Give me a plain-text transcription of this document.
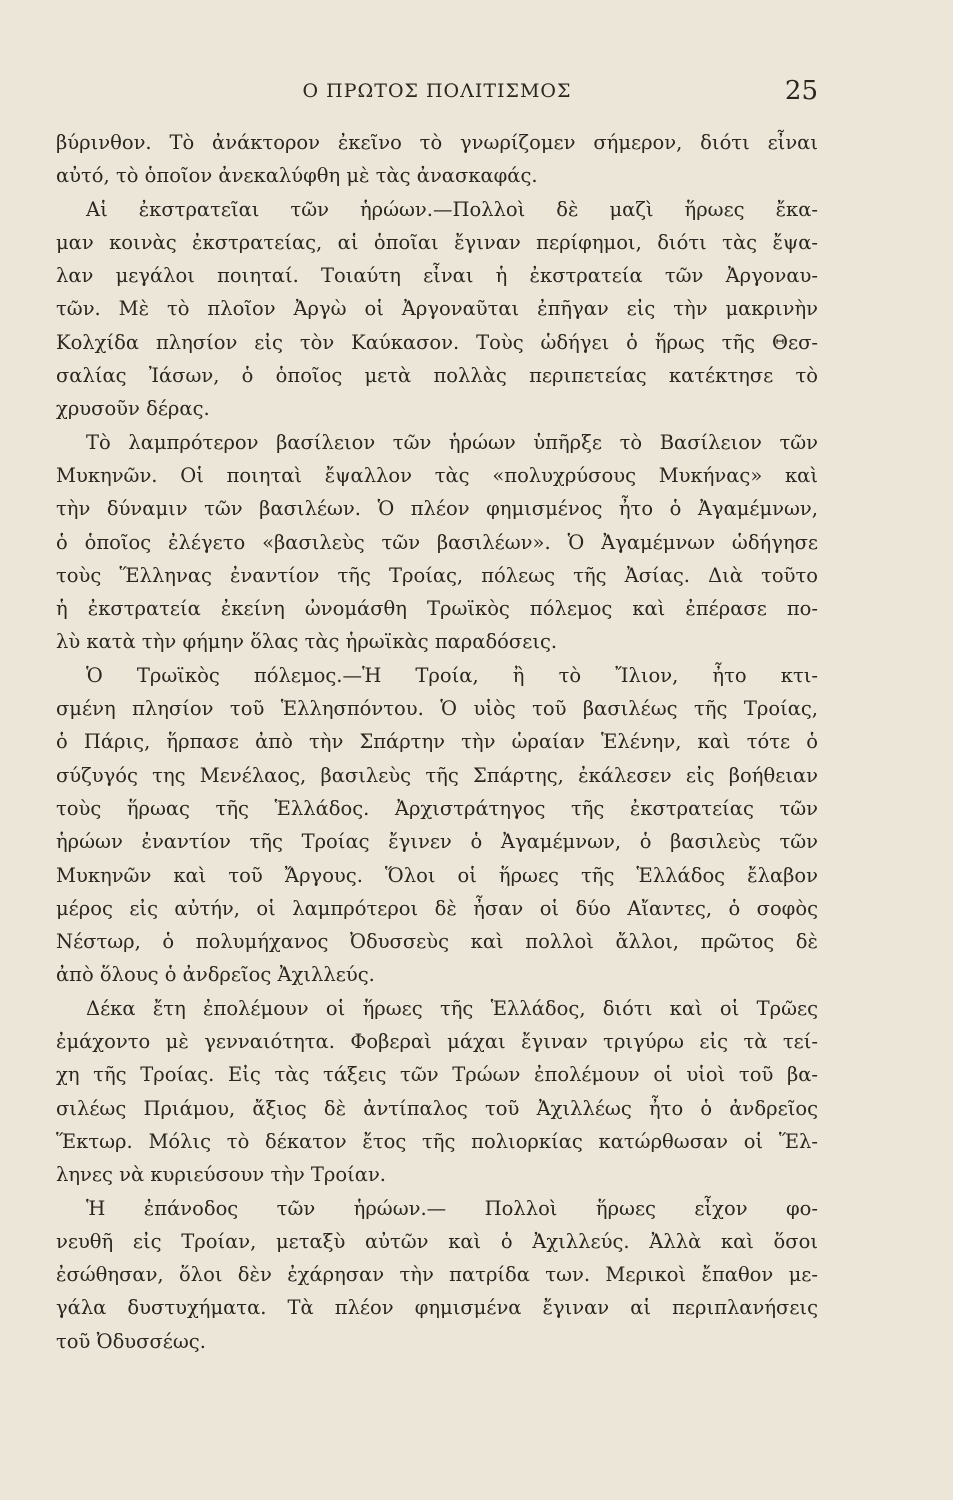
Ο ΠΡΩΤΟΣ ΠΟΛΙΤΙΣΜΟΣ	25
βύρινθον. Τὸ ἀνάκτορον ἐκεῖνο τὸ γνωρίζομεν σήμερον, διότι εἶναι
αὐτό, τὸ ὁποῖον ἀνεκαλύφθη μὲ τὰς ἀνασκαφάς.
Αἱ ἐκστρατεῖαι τῶν ἡρώων.—Πολλοὶ δὲ μαζὶ ἥρωες ἔκα-
μαν κοινὰς ἐκστρατείας, αἱ ὁποῖαι ἔγιναν περίφημοι, διότι τὰς ἔψα-
λαν μεγάλοι ποιηταί. Τοιαύτη εἶναι ἡ ἐκστρατεία τῶν Ἀργοναυ-
τῶν. Μὲ τὸ πλοῖον Ἀργὼ οἱ Ἀργοναῦται ἐπῆγαν εἰς τὴν μακρινὴν
Κολχίδα πλησίον εἰς τὸν Καύκασον. Τοὺς ὡδήγει ὁ ἥρως τῆς Θεσ-
σαλίας Ἰάσων, ὁ ὁποῖος μετὰ πολλὰς περιπετείας κατέκτησε τὸ
χρυσοῦν δέρας.
Τὸ λαμπρότερον βασίλειον τῶν ἡρώων ὑπῆρξε τὸ Βασίλειον τῶν
Μυκηνῶν. Οἱ ποιηταὶ ἔψαλλον τὰς «πολυχρύσους Μυκήνας» καὶ
τὴν δύναμιν τῶν βασιλέων. Ὁ πλέον φημισμένος ἦτο ὁ Ἀγαμέμνων,
ὁ ὁποῖος ἐλέγετο «βασιλεὺς τῶν βασιλέων». Ὁ Ἀγαμέμνων ὡδήγησε
τοὺς Ἕλληνας ἐναντίον τῆς Τροίας, πόλεως τῆς Ἀσίας. Διὰ τοῦτο
ἡ ἐκστρατεία ἐκείνη ὠνομάσθη Τρωϊκὸς πόλεμος καὶ ἐπέρασε πο-
λὺ κατὰ τὴν φήμην ὅλας τὰς ἡρωϊκὰς παραδόσεις.
Ὁ Τρωϊκὸς πόλεμος.—Ἡ Τροία, ἢ τὸ Ἴλιον, ἦτο κτι-
σμένη πλησίον τοῦ Ἑλλησπόντου. Ὁ υἱὸς τοῦ βασιλέως τῆς Τροίας,
ὁ Πάρις, ἥρπασε ἀπὸ τὴν Σπάρτην τὴν ὡραίαν Ἑλένην, καὶ τότε ὁ
σύζυγός της Μενέλαος, βασιλεὺς τῆς Σπάρτης, ἐκάλεσεν εἰς βοήθειαν
τοὺς ἥρωας τῆς Ἑλλάδος. Ἀρχιστράτηγος τῆς ἐκστρατείας τῶν
ἡρώων ἐναντίον τῆς Τροίας ἔγινεν ὁ Ἀγαμέμνων, ὁ βασιλεὺς τῶν
Μυκηνῶν καὶ τοῦ Ἄργους. Ὅλοι οἱ ἥρωες τῆς Ἑλλάδος ἔλαβον
μέρος εἰς αὐτήν, οἱ λαμπρότεροι δὲ ἦσαν οἱ δύο Αἴαντες, ὁ σοφὸς
Νέστωρ, ὁ πολυμήχανος Ὀδυσσεὺς καὶ πολλοὶ ἄλλοι, πρῶτος δὲ
ἀπὸ ὅλους ὁ ἀνδρεῖος Ἀχιλλεύς.
Δέκα ἔτη ἐπολέμουν οἱ ἥρωες τῆς Ἑλλάδος, διότι καὶ οἱ Τρῶες
ἐμάχοντο μὲ γενναιότητα. Φοβεραὶ μάχαι ἔγιναν τριγύρω εἰς τὰ τεί-
χη τῆς Τροίας. Εἰς τὰς τάξεις τῶν Τρώων ἐπολέμουν οἱ υἱοὶ τοῦ βα-
σιλέως Πριάμου, ἄξιος δὲ ἀντίπαλος τοῦ Ἀχιλλέως ἦτο ὁ ἀνδρεῖος
Ἕκτωρ. Μόλις τὸ δέκατον ἔτος τῆς πολιορκίας κατώρθωσαν οἱ Ἕλ-
ληνες νὰ κυριεύσουν τὴν Τροίαν.
Ἡ ἐπάνοδος τῶν ἡρώων.— Πολλοὶ ἥρωες εἶχον φο-
νευθῆ εἰς Τροίαν, μεταξὺ αὐτῶν καὶ ὁ Ἀχιλλεύς. Ἀλλὰ καὶ ὅσοι
ἐσώθησαν, ὅλοι δὲν ἐχάρησαν τὴν πατρίδα των. Μερικοὶ ἔπαθον με-
γάλα δυστυχήματα. Τὰ πλέον φημισμένα ἔγιναν αἱ περιπλανήσεις
τοῦ Ὀδυσσέως.
